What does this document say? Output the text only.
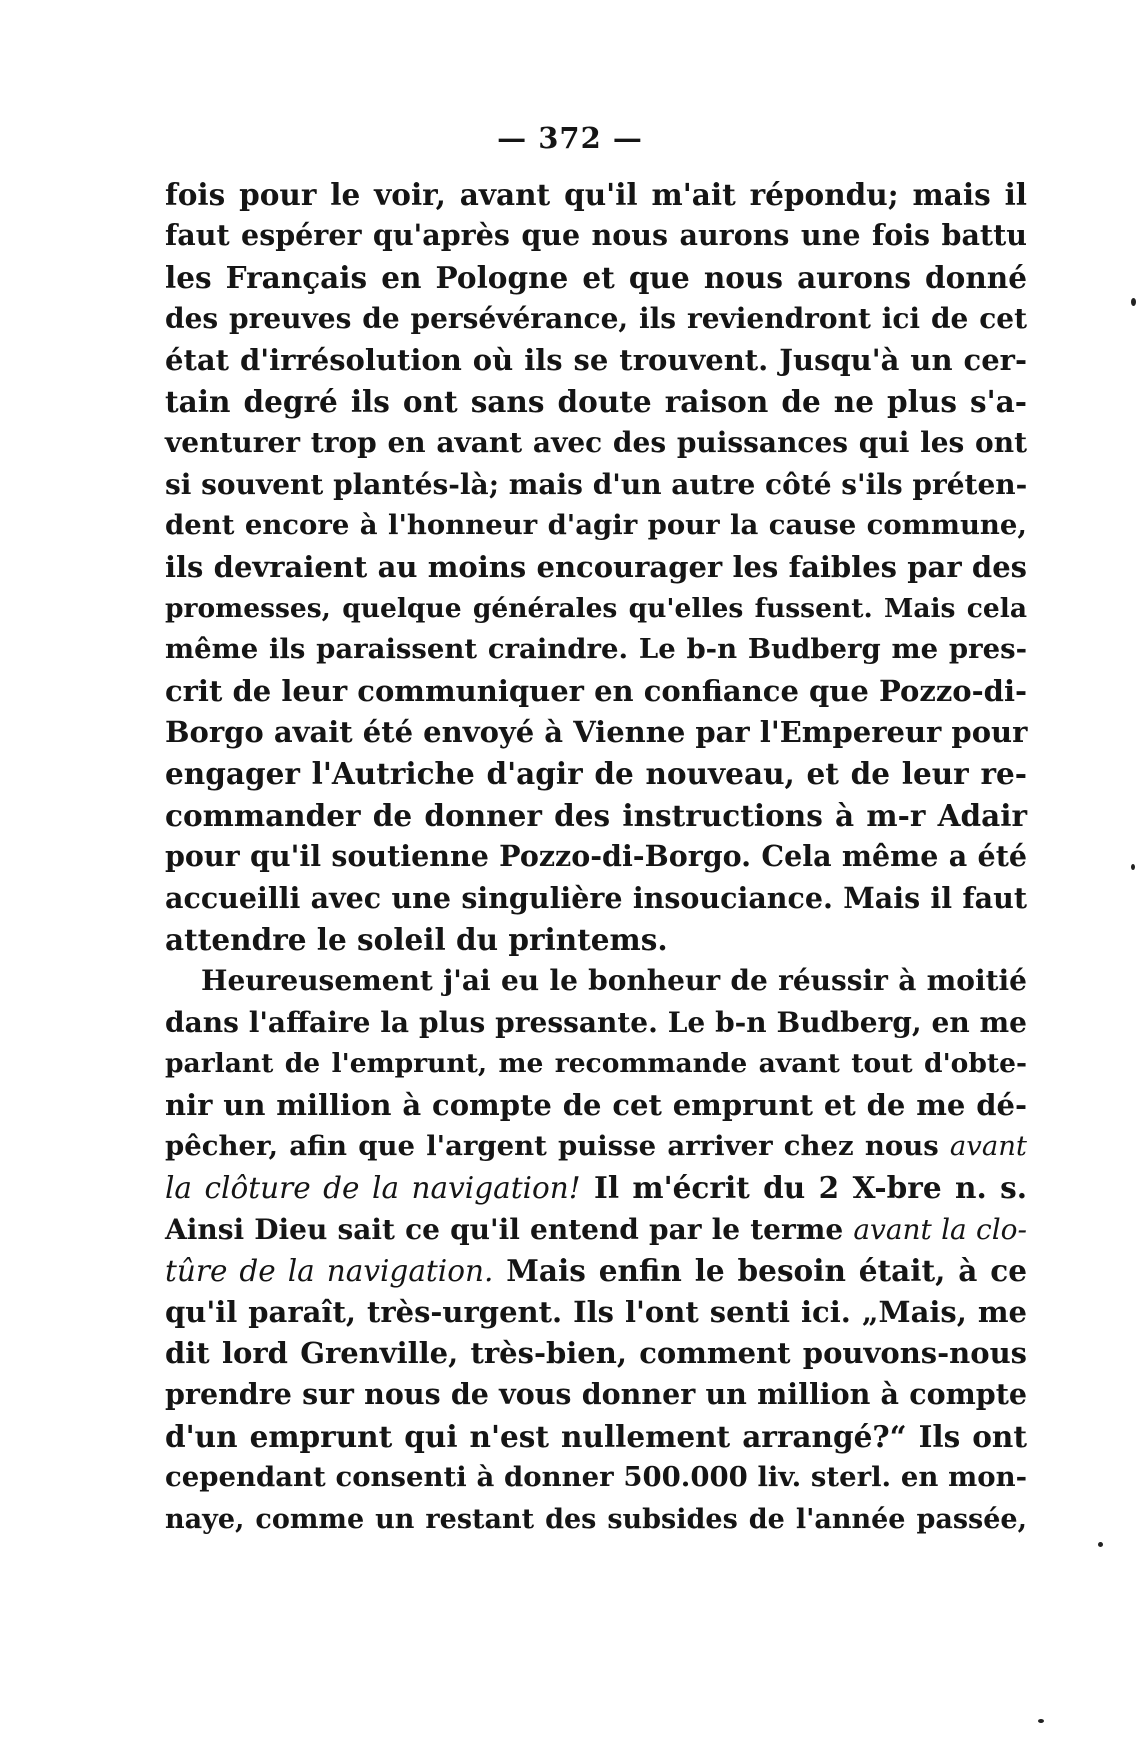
— 372 —
fois pour le voir, avant qu'il m'ait répondu; mais il
faut espérer qu'après que nous aurons une fois battu
les Français en Pologne et que nous aurons donné
des preuves de persévérance, ils reviendront ici de cet
état d'irrésolution où ils se trouvent. Jusqu'à un cer-
tain degré ils ont sans doute raison de ne plus s'a-
venturer trop en avant avec des puissances qui les ont
si souvent plantés-là; mais d'un autre côté s'ils préten-
dent encore à l'honneur d'agir pour la cause commune,
ils devraient au moins encourager les faibles par des
promesses, quelque générales qu'elles fussent. Mais cela
même ils paraissent craindre. Le b-n Budberg me pres-
crit de leur communiquer en confiance que Pozzo-di-
Borgo avait été envoyé à Vienne par l'Empereur pour
engager l'Autriche d'agir de nouveau, et de leur re-
commander de donner des instructions à m-r Adair
pour qu'il soutienne Pozzo-di-Borgo. Cela même a été
accueilli avec une singulière insouciance. Mais il faut
attendre le soleil du printems.
Heureusement j'ai eu le bonheur de réussir à moitié
dans l'affaire la plus pressante. Le b-n Budberg, en me
parlant de l'emprunt, me recommande avant tout d'obte-
nir un million à compte de cet emprunt et de me dé-
pêcher, afin que l'argent puisse arriver chez nous avant
la clôture de la navigation! Il m'écrit du 2 X-bre n. s.
Ainsi Dieu sait ce qu'il entend par le terme avant la clo-
tûre de la navigation. Mais enfin le besoin était, à ce
qu'il paraît, très-urgent. Ils l'ont senti ici. „Mais, me
dit lord Grenville, très-bien, comment pouvons-nous
prendre sur nous de vous donner un million à compte
d'un emprunt qui n'est nullement arrangé?“ Ils ont
cependant consenti à donner 500.000 liv. sterl. en mon-
naye, comme un restant des subsides de l'année passée,
